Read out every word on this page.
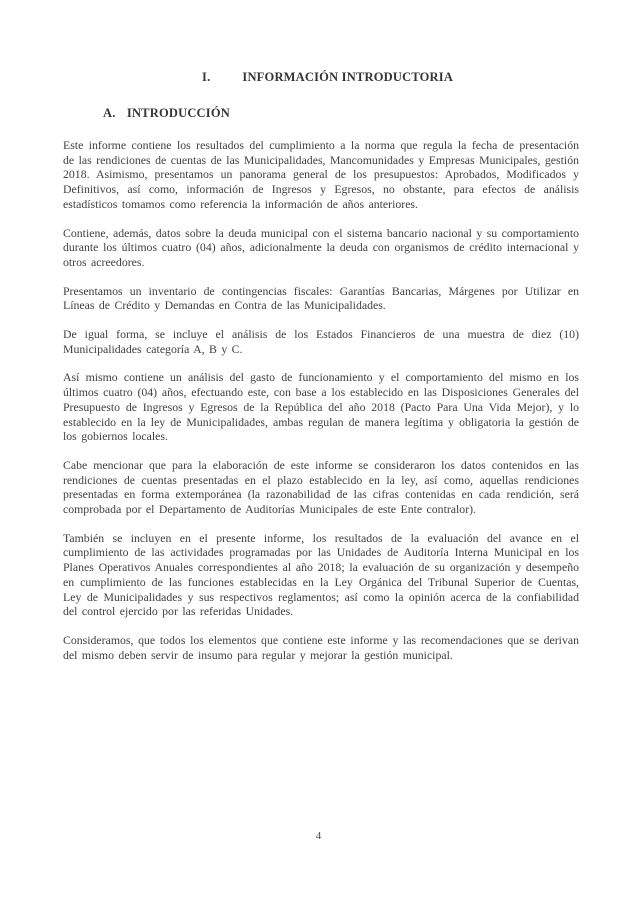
I.	INFORMACIÓN INTRODUCTORIA
A. INTRODUCCIÓN

Este informe contiene los resultados del cumplimiento a la norma que regula la fecha de presentación de las rendiciones de cuentas de las Municipalidades, Mancomunidades y Empresas Municipales, gestión 2018. Asimismo, presentamos un panorama general de los presupuestos: Aprobados, Modificados y Definitivos, así como, información de Ingresos y Egresos, no obstante, para efectos de análisis estadísticos tomamos como referencia la información de años anteriores.

Contiene, además, datos sobre la deuda municipal con el sistema bancario nacional y su comportamiento durante los últimos cuatro (04) años, adicionalmente la deuda con organismos de crédito internacional y otros acreedores.

Presentamos un inventario de contingencias fiscales: Garantías Bancarias, Márgenes por Utilizar en Líneas de Crédito y Demandas en Contra de las Municipalidades.

De igual forma, se incluye el análisis de los Estados Financieros de una muestra de diez (10) Municipalidades categoría A, B y C.

Así mismo contiene un análisis del gasto de funcionamiento y el comportamiento del mismo en los últimos cuatro (04) años, efectuando este, con base a los establecido en las Disposiciones Generales del Presupuesto de Ingresos y Egresos de la República del año 2018 (Pacto Para Una Vida Mejor), y lo establecido en la ley de Municipalidades, ambas regulan de manera legítima y obligatoria la gestión de los gobiernos locales.

Cabe mencionar que para la elaboración de este informe se consideraron los datos contenidos en las rendiciones de cuentas presentadas en el plazo establecido en la ley, así como, aquellas rendiciones presentadas en forma extemporánea (la razonabilidad de las cifras contenidas en cada rendición, será comprobada por el Departamento de Auditorías Municipales de este Ente contralor).

También se incluyen en el presente informe, los resultados de la evaluación del avance en el cumplimiento de las actividades programadas por las Unidades de Auditoría Interna Municipal en los Planes Operativos Anuales correspondientes al año 2018; la evaluación de su organización y desempeño en cumplimiento de las funciones establecidas en la Ley Orgánica del Tribunal Superior de Cuentas, Ley de Municipalidades y sus respectivos reglamentos; así como la opinión acerca de la confiabilidad del control ejercido por las referidas Unidades.

Consideramos, que todos los elementos que contiene este informe y las recomendaciones que se derivan del mismo deben servir de insumo para regular y mejorar la gestión municipal.

4
